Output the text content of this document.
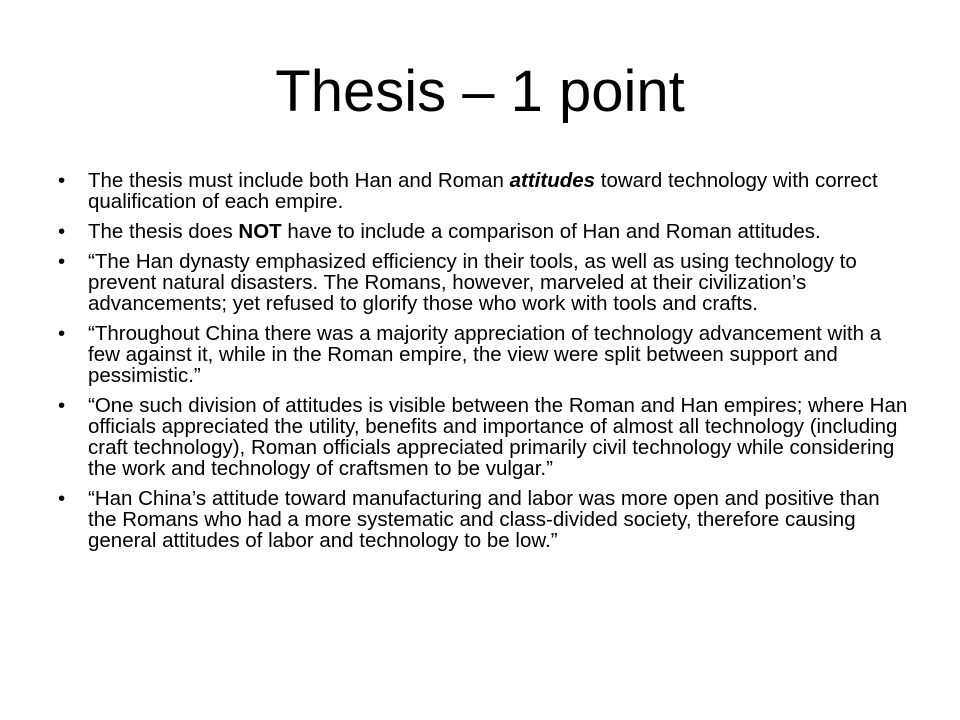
Thesis – 1 point
• The thesis must include both Han and Roman attitudes toward technology with correct qualification of each empire.
• The thesis does NOT have to include a comparison of Han and Roman attitudes.
• “The Han dynasty emphasized efficiency in their tools, as well as using technology to prevent natural disasters. The Romans, however, marveled at their civilization’s advancements; yet refused to glorify those who work with tools and crafts.
• “Throughout China there was a majority appreciation of technology advancement with a few against it, while in the Roman empire, the view were split between support and pessimistic.”
• “One such division of attitudes is visible between the Roman and Han empires; where Han officials appreciated the utility, benefits and importance of almost all technology (including craft technology), Roman officials appreciated primarily civil technology while considering the work and technology of craftsmen to be vulgar.”
• “Han China’s attitude toward manufacturing and labor was more open and positive than the Romans who had a more systematic and class-divided society, therefore causing general attitudes of labor and technology to be low.”
